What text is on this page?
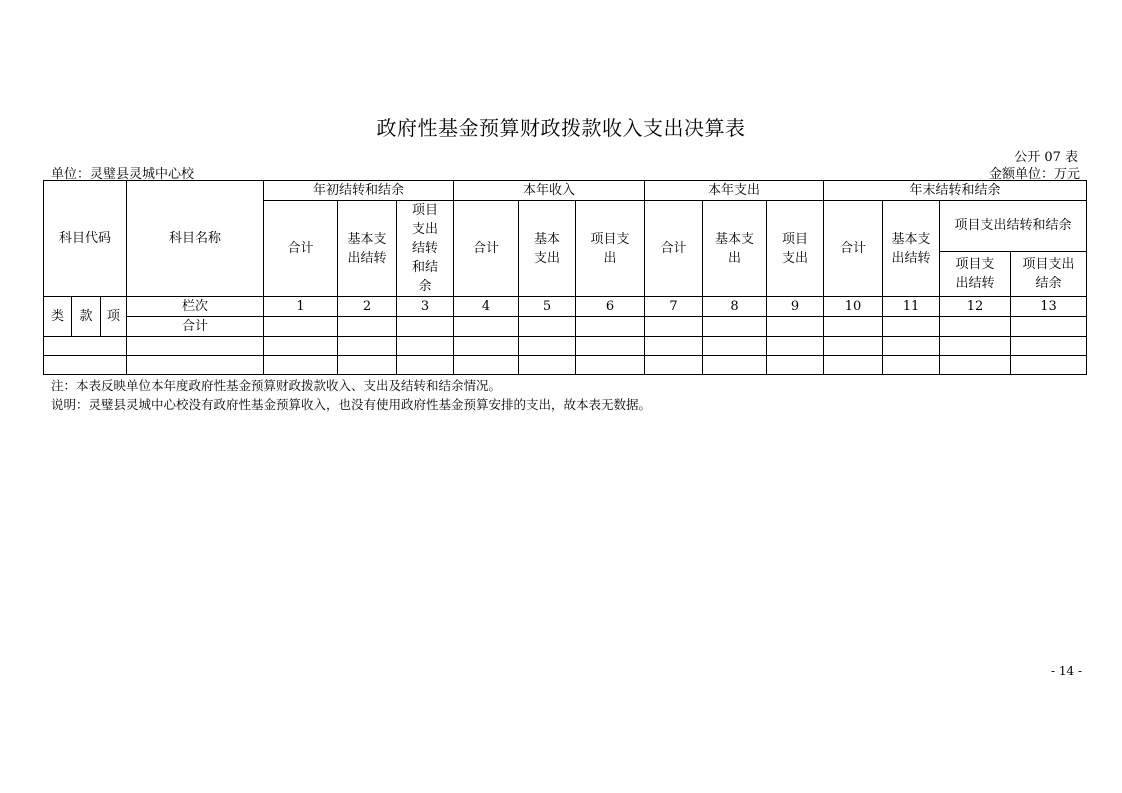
政府性基金预算财政拨款收入支出决算表
公开 07 表
单位：灵璧县灵城中心校	金额单位：万元
科目代码			科目名称	年初结转和结余			本年收入			本年支出			年末结转和结余			
				合计	基本支出结转	项目支出结转和结余	合计	基本支出	项目支出	合计	基本支出	项目支出	合计	基本支出结转	项目支出结转和结余	

															项目支出结转	项目支出结余

类	款	项	栏次	1	2	3	4	5	6	7	8	9	10	11	12	13
			合计													

注：本表反映单位本年度政府性基金预算财政拨款收入、支出及结转和结余情况。
说明：灵璧县灵城中心校没有政府性基金预算收入，也没有使用政府性基金预算安排的支出，故本表无数据。
- 14 -
